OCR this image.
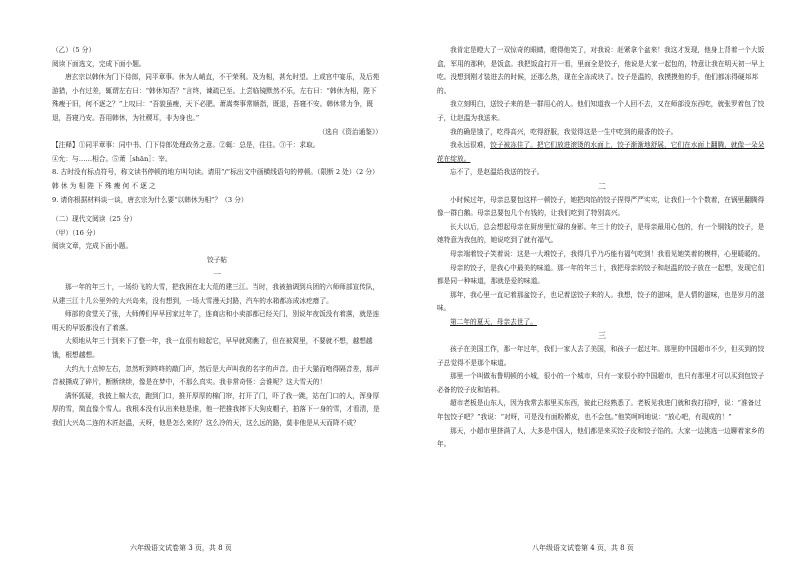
（乙）（5 分）

阅读下面选文，完成下面小题。

唐玄宗以韩休为门下侍郎，同平章事。休为人峭直，不干荣利。及为相，甚允时望。上或宫中宴乐，及后苑游猎，小有过差，辄谓左右曰：“韩休知否？”言终，谏疏已至。上尝临镜默然不乐，左右曰：“韩休为相，陛下殊瘦于旧，何不逐之？”上叹曰：“吾貌虽瘦，天下必肥。萧嵩奏事常顺指，既退，吾寝不安。韩休常力争，既退，吾寝乃安。吾用韩休，为社稷耳，非为身也。”

（选自《资治通鉴》）

【注释】①同平章事：同中书、门下侍郎处理政务之意。②辄：总是，往往。③干：求取。

④允：与……相合。⑤萧［shān］：宰。

8. 古时没有标点符号，称文读书停顿的地方叫句读。请用“/”标出文中画横线语句的停顿。（限断 2 处）（2 分）

韩 休 为 相 陛 下 殊 瘦 何 不 逐 之

9. 请你根据材料谈一谈，唐玄宗为什么要“以韩休为相”？（3 分）

（二）现代文阅读（25 分）

（甲）（16 分）

阅读文章，完成下面小题。

饺子帖

一

那一年的年三十，一场纷飞的大雪，把我困在北大荒的建三江。当时，我被抽调到兵团的六师师部宣传队，从建三江十几公里外的大兴岛来，没有想到，一场大雪漫天封路，汽车的水箱都冻成冰疙瘩了。

师部的食堂关了张，大师傅们早早回家过年了，连商店和小卖部都已经关门，别说年夜饭没有着落，就是连明天的早饭都没有了着落。

大须地从年三十到来下了整一年，我一直很有晾起它，早早就窝瞧了，但在被窝里，不要就不想，越想越饿，根想越想。

大约九十点钟左右，忽然听到咚咚的敲门声，然后是大声叫我的名字的声音。由于大猫而咆得隔音差，那声音被撕成了碎片，断断续续，像是在梦中，不那么真实。我非常奇怪：会谁呢？这大雪天的！

满怀狐疑，我披上棉大衣，跑到门口，推开厚厚的棉门帘，打开了门，吓了我一跳，站在门口的人，浑身厚厚的雪，简直像个雪人。我根本没有认出来他是谁，他一把推我摔下大狗皮帽子，拍落下一身的雪，才看清，是我们大兴岛二连的木匠赵温，天呀，他是怎么来的？这么冷的天，这么远的路，莫非他是从天而降不成？

我肯定是瞪大了一双惊奇的眼睛，瞪得他笑了，对我说：赶紧拿个盆来！我这才发现，他身上背着一个大饭盒，军用的那种，是饭盒。我把饭盒打开一看，里面全是饺子，他说是大家一起包的，特意让我在明天初一早上吃。没想到刚才装进去的时候，还那么热，现在全冻成块了。饺子是温的，我摸摸他的手，他们都冻得硬邦邦的。

我立刻明白，送饺子来的是一群用心的人。他们知道我一个人回不去，又在师部没东西吃，就张罗着包了饺子，让赵温为我送来。

我的确是饿了，吃得高兴，吃得舒服，我觉得这是一生中吃到的最香的饺子。

我永远很难，饺子被冻住了。把它们放进滚烫的水面上，饺子渐渐地舒展，它们在水面上翻腾，就像一朵朵花在绽放。

忘不了，是赵温给我送的饺子。

二

小时候过年，母亲总要包这样一顿饺子，她把肉馅的饺子捏得严严实实，让我们一个个数着，在锅里翻腾得像一群白鹅。母亲总要包几个有钱的，让我们吃到了特别高兴。

长大以后，总会想起母亲在厨房里忙碌的身影。年三十的饺子，是母亲最用心包的，有一个铜钱的饺子，是她特意为我包的，她说吃到了就有福气。

母亲端着饺子笑着说：这是一大堆饺子，我得几乎乃巧能有福气吃到！我看见她笑着的模样，心里暖暖的。

母亲的饺子，是我心中最美的味道。那一年的年三十，我把母亲的饺子和赵温的饺子放在一起想，发现它们都是同一种味道，那就是爱的味道。

那年，我心里一直记着那盆饺子，也记着送饺子来的人。我想，饺子的滋味，是人情的滋味，也是岁月的滋味。

第二年的夏天，母亲去世了。

三

孩子在美国工作，那一年过年，我们一家人去了美国，和孩子一起过年。那里的中国超市不少，但买到的饺子总觉得不是那个味道。

那里一个叫做布鲁明顿的小城，很小的一个城市，只有一家很小的中国超市，也只有那里才可以买到包饺子必备的饺子皮和馅料。

超市老板是山东人，因为我常去那里买东西，彼此已经熟悉了。老板见我进门就和我打招呼，说：“准备过年包饺子吧？”我说：“对呀，可是没有面粉擀皮，也不会包。”他笑呵呵地说：“放心吧，有现成的！”

那天，小超市里挤满了人，大多是中国人，他们都是来买饺子皮和饺子馅的。大家一边挑选一边聊着家乡的年。

六年级语文试卷第 3 页，共 8 页	八年级语文试卷第 4 页，共 8 页
